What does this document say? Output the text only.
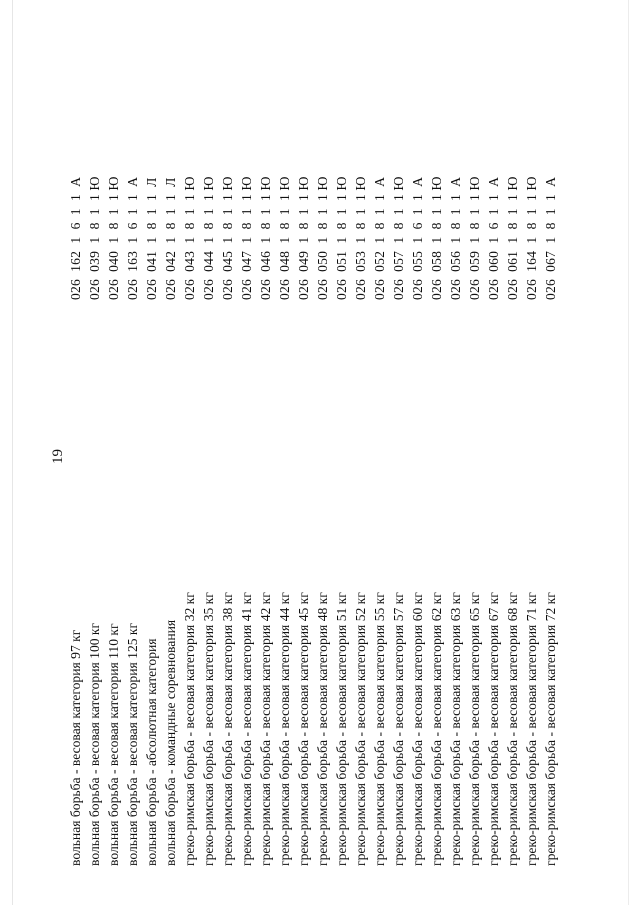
19
вольная борьба - весовая категория 97 кг
026  162  1  6  1  1  А
вольная борьба - весовая категория 100 кг
026  039  1  8  1  1 Ю
вольная борьба - весовая категория 110 кг
026  040  1  8  1  1 Ю
вольная борьба - весовая категория 125 кг
026  163  1  6  1  1  А
вольная борьба - абсолютная категория
026  041  1  8  1  1  Л
вольная борьба - командные соревнования
026  042  1  8  1  1  Л
греко-римская борьба - весовая категория 32 кг
026  043  1  8  1  1 Ю
греко-римская борьба - весовая категория 35 кг
026  044  1  8  1  1 Ю
греко-римская борьба - весовая категория 38 кг
026  045  1  8  1  1 Ю
греко-римская борьба - весовая категория 41 кг
026  047  1  8  1  1 Ю
греко-римская борьба - весовая категория 42 кг
026  046  1  8  1  1 Ю
греко-римская борьба - весовая категория 44 кг
026  048  1  8  1  1 Ю
греко-римская борьба - весовая категория 45 кг
026  049  1  8  1  1 Ю
греко-римская борьба - весовая категория 48 кг
026  050  1  8  1  1 Ю
греко-римская борьба - весовая категория 51 кг
026  051  1  8  1  1 Ю
греко-римская борьба - весовая категория 52 кг
026  053  1  8  1  1 Ю
греко-римская борьба - весовая категория 55 кг
026  052  1  8  1  1  А
греко-римская борьба - весовая категория 57 кг
026  057  1  8  1  1 Ю
греко-римская борьба - весовая категория 60 кг
026  055  1  6  1  1  А
греко-римская борьба - весовая категория 62 кг
026  058  1  8  1  1 Ю
греко-римская борьба - весовая категория 63 кг
026  056  1  8  1  1  А
греко-римская борьба - весовая категория 65 кг
026  059  1  8  1  1 Ю
греко-римская борьба - весовая категория 67 кг
026  060  1  6  1  1  А
греко-римская борьба - весовая категория 68 кг
026  061  1  8  1  1 Ю
греко-римская борьба - весовая категория 71 кг
026  164  1  8  1  1 Ю
греко-римская борьба - весовая категория 72 кг
026  067  1  8  1  1  А
